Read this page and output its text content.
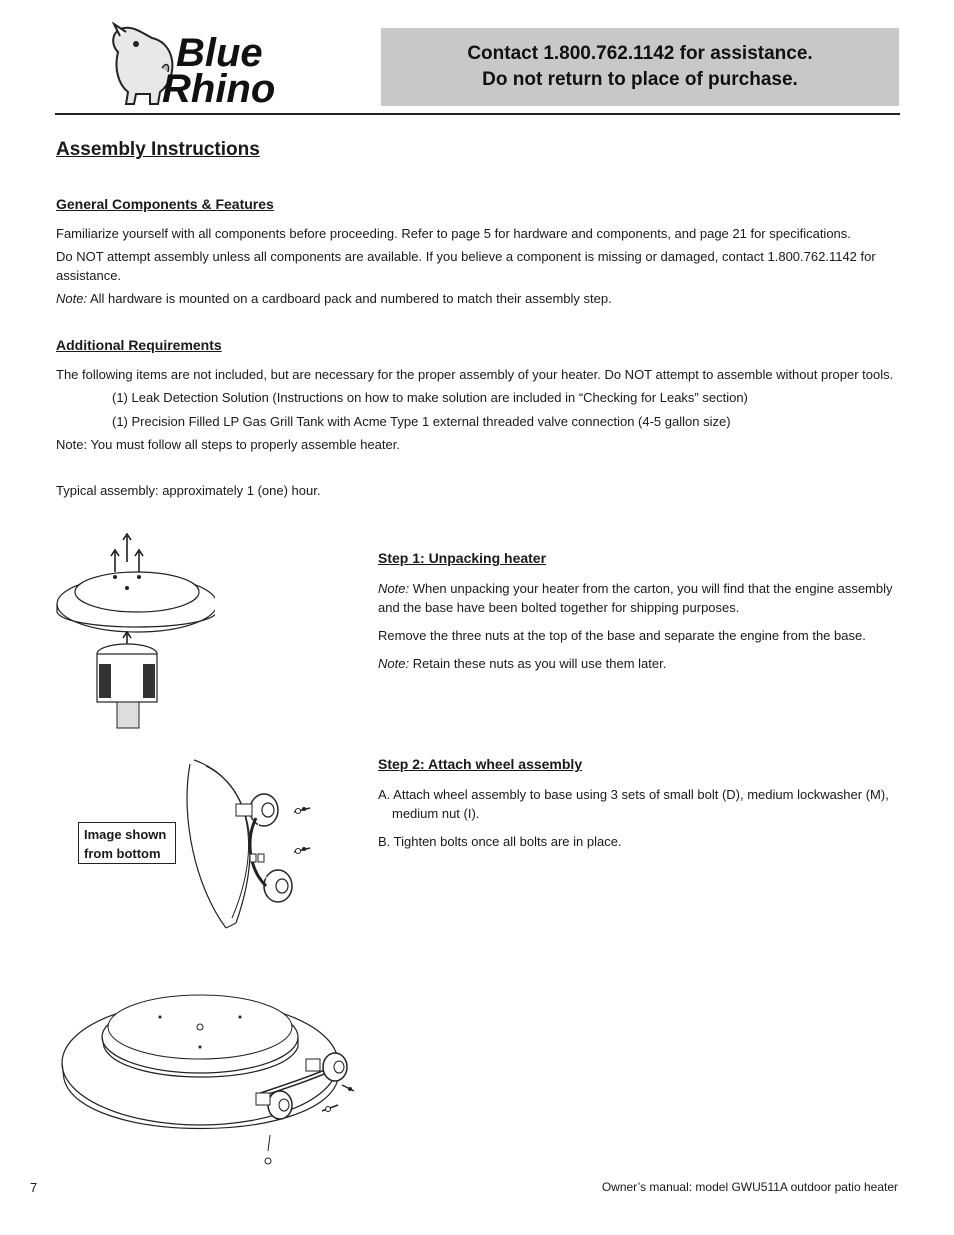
Blue
Rhino
Contact 1.800.762.1142 for assistance.
Do not return to place of purchase.
Assembly Instructions
General Components & Features

Familiarize yourself with all components before proceeding. Refer to page 5 for hardware and components, and page 21 for specifications.

Do NOT attempt assembly unless all components are available. If you believe a component is missing or damaged, contact 1.800.762.1142 for

assistance.

Note: All hardware is mounted on a cardboard pack and numbered to match their assembly step.

Additional Requirements

The following items are not included, but are necessary for the proper assembly of your heater. Do NOT attempt to assemble without proper tools.

(1) Leak Detection Solution (Instructions on how to make solution are included in “Checking for Leaks” section)

(1) Precision Filled LP Gas Grill Tank with Acme Type 1 external threaded valve connection (4-5 gallon size)

Note: You must follow all steps to properly assemble heater.

Typical assembly: approximately 1 (one) hour.

Step 1: Unpacking heater

Note: When unpacking your heater from the carton, you will find that the engine assembly

and the base have been bolted together for shipping purposes.

Remove the three nuts at the top of the base and separate the engine from the base.

Note: Retain these nuts as you will use them later.

Image shown
from bottom
Step 2: Attach wheel assembly

A. Attach wheel assembly to base using 3 sets of small bolt (D), medium lockwasher (M),

medium nut (I).

B. Tighten bolts once all bolts are in place.

7	Owner’s manual: model GWU511A outdoor patio heater
